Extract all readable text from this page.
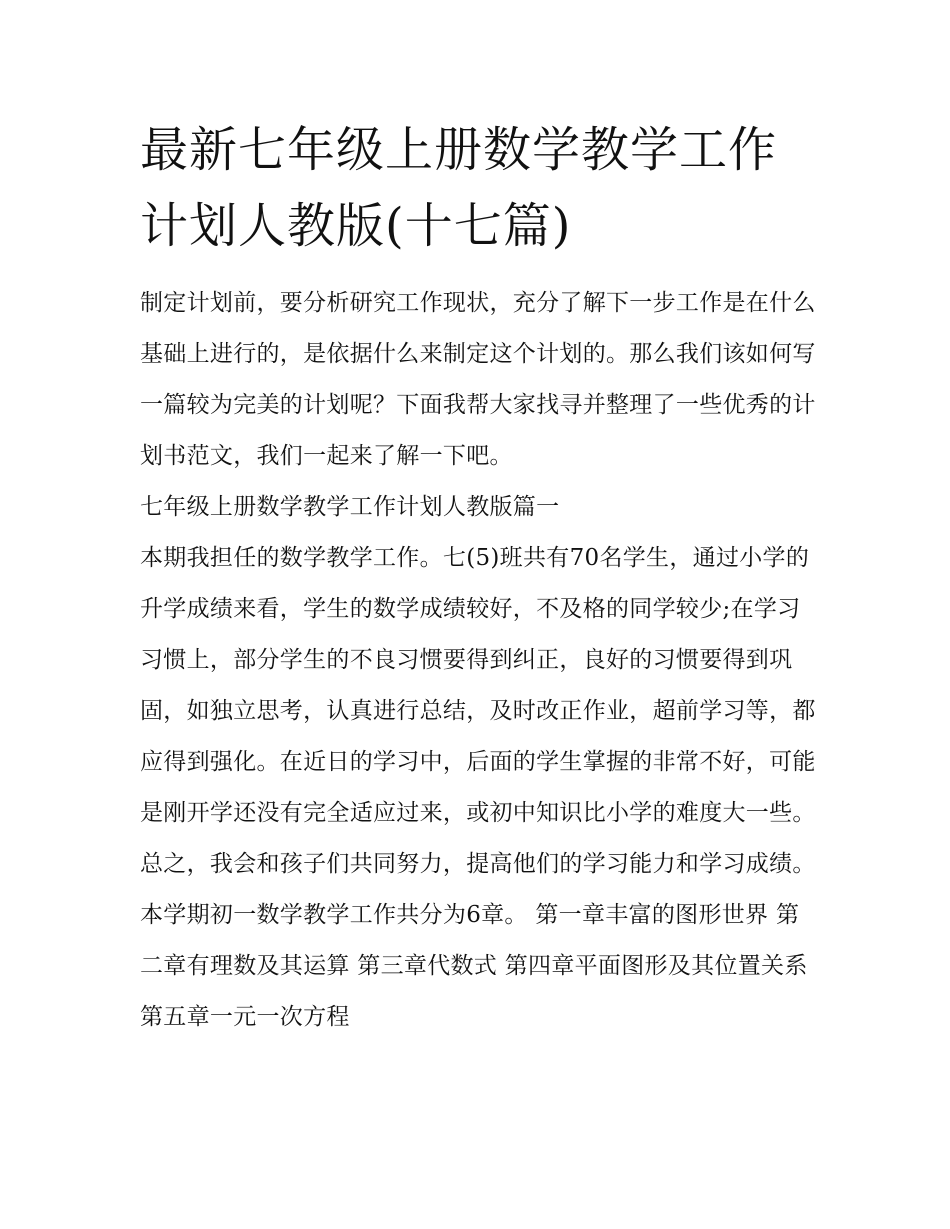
最新七年级上册数学教学工作计划人教版(十七篇)

制定计划前，要分析研究工作现状，充分了解下一步工作是在什么基础上进行的，是依据什么来制定这个计划的。那么我们该如何写一篇较为完美的计划呢？下面我帮大家找寻并整理了一些优秀的计划书范文，我们一起来了解一下吧。

七年级上册数学教学工作计划人教版篇一

本期我担任的数学教学工作。七(5)班共有70名学生，通过小学的升学成绩来看，学生的数学成绩较好，不及格的同学较少;在学习习惯上，部分学生的不良习惯要得到纠正，良好的习惯要得到巩固，如独立思考，认真进行总结，及时改正作业，超前学习等，都应得到强化。在近日的学习中，后面的学生掌握的非常不好，可能是刚开学还没有完全适应过来，或初中知识比小学的难度大一些。总之，我会和孩子们共同努力，提高他们的学习能力和学习成绩。

本学期初一数学教学工作共分为6章。 第一章丰富的图形世界 第二章有理数及其运算 第三章代数式 第四章平面图形及其位置关系 第五章一元一次方程
